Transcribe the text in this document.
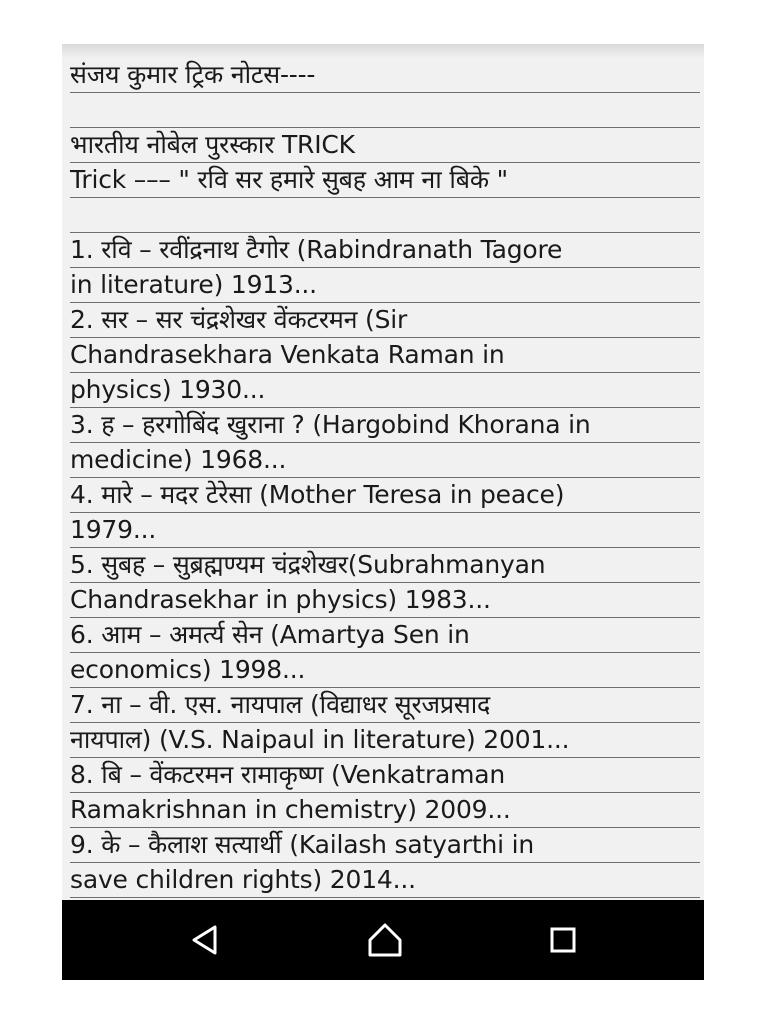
संजय कुमार ट्रिक नोटस----
भारतीय नोबेल पुरस्कार TRICK
Trick ––– " रवि सर हमारे सुबह आम ना बिके "
1. रवि – रवींद्रनाथ टैगोर (Rabindranath Tagore
in literature) 1913...
2. सर – सर चंद्रशेखर वेंकटरमन (Sir
Chandrasekhara Venkata Raman in
physics) 1930...
3. ह – हरगोबिंद खुराना ? (Hargobind Khorana in
medicine) 1968...
4. मारे – मदर टेरेसा (Mother Teresa in peace)
1979...
5. सुबह – सुब्रह्मण्यम चंद्रशेखर(Subrahmanyan
Chandrasekhar in physics) 1983...
6. आम – अमर्त्य सेन (Amartya Sen in
economics) 1998...
7. ना – वी. एस. नायपाल (विद्याधर सूरजप्रसाद
नायपाल) (V.S. Naipaul in literature) 2001...
8. बि – वेंकटरमन रामाकृष्ण (Venkatraman
Ramakrishnan in chemistry) 2009...
9. के – कैलाश सत्यार्थी (Kailash satyarthi in
save children rights) 2014...
